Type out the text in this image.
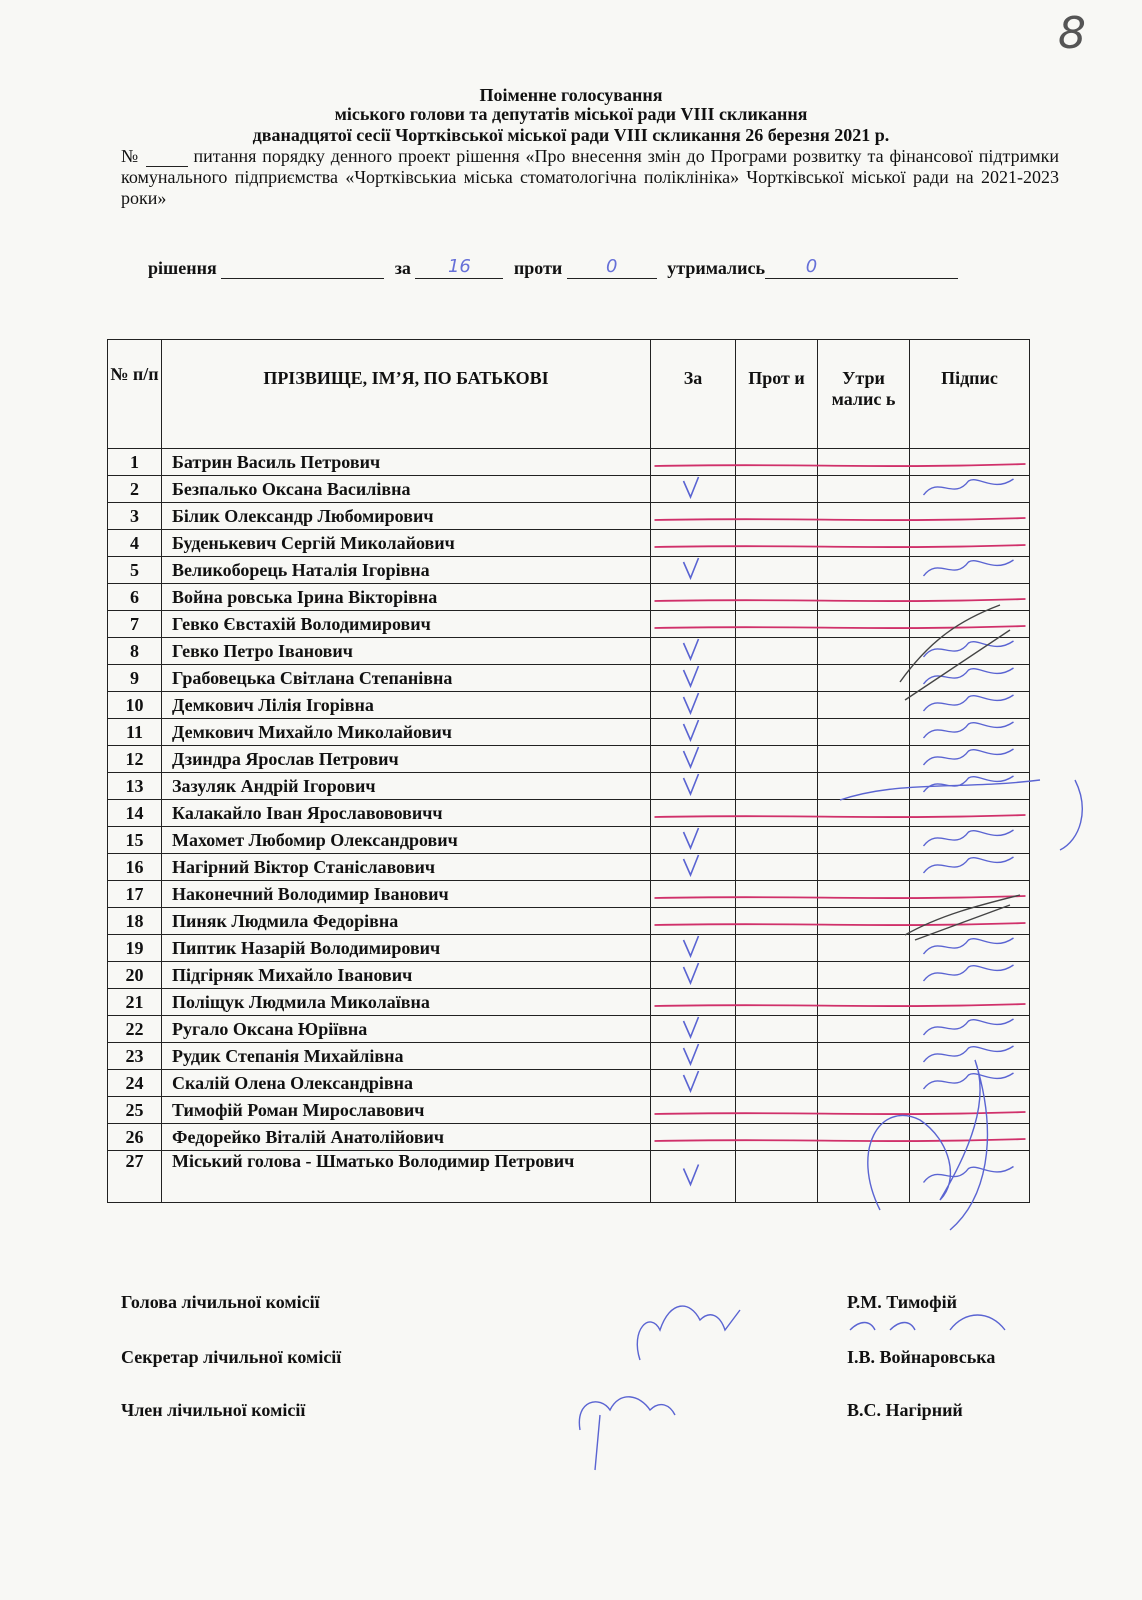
8
Поіменне голосування
міського голови та депутатів міської ради VIII скликання
дванадцятої сесії Чортківської міської ради VIII скликання 26 березня 2021 р.
№	питання порядку денного проект рішення «Про внесення змін до Програми розвитку та фінансової підтримки комунального підприємства «Чортківськиа міська стоматологічна поліклініка» Чортківської міської ради на 2021-2023 роки»
рішення	за	16	проти	0	утримались	0
№ п/п	ПРІЗВИЩЕ, ІМ’Я, ПО БАТЬКОВІ	За	Прот и	Утри малис ь	Підпис
1	Батрин Василь Петрович				
2	Безпалько Оксана Василівна				
3	Білик Олександр Любомирович				
4	Буденькевич Сергій Миколайович				
5	Великоборець Наталія Ігорівна				
6	Война ровська Ірина Вікторівна				
7	Гевко Євстахій Володимирович				
8	Гевко Петро Іванович				
9	Грабовецька Світлана Степанівна				
10	Демкович Лілія Ігорівна				
11	Демкович Михайло Миколайович				
12	Дзиндра Ярослав Петрович				
13	Зазуляк Андрій Ігорович				
14	Калакайло Іван Ярославововичч				
15	Махомет Любомир Олександрович				
16	Нагірний Віктор Станіславович				
17	Наконечний Володимир Іванович				
18	Пиняк Людмила Федорівна				
19	Пиптик Назарій Володимирович				
20	Підгірняк Михайло Іванович				
21	Поліщук Людмила Миколаївна				
22	Ругало Оксана Юріївна				
23	Рудик Степанія Михайлівна				
24	Скалій Олена Олександрівна				
25	Тимофій Роман Мирославович				
26	Федорейко Віталій Анатолійович				
27	Міський голова - Шматько Володимир Петрович				
Голова лічильної комісії	Р.М. Тимофій
Секретар лічильної комісії	І.В. Войнаровська
Член лічильної комісії	В.С. Нагірний
